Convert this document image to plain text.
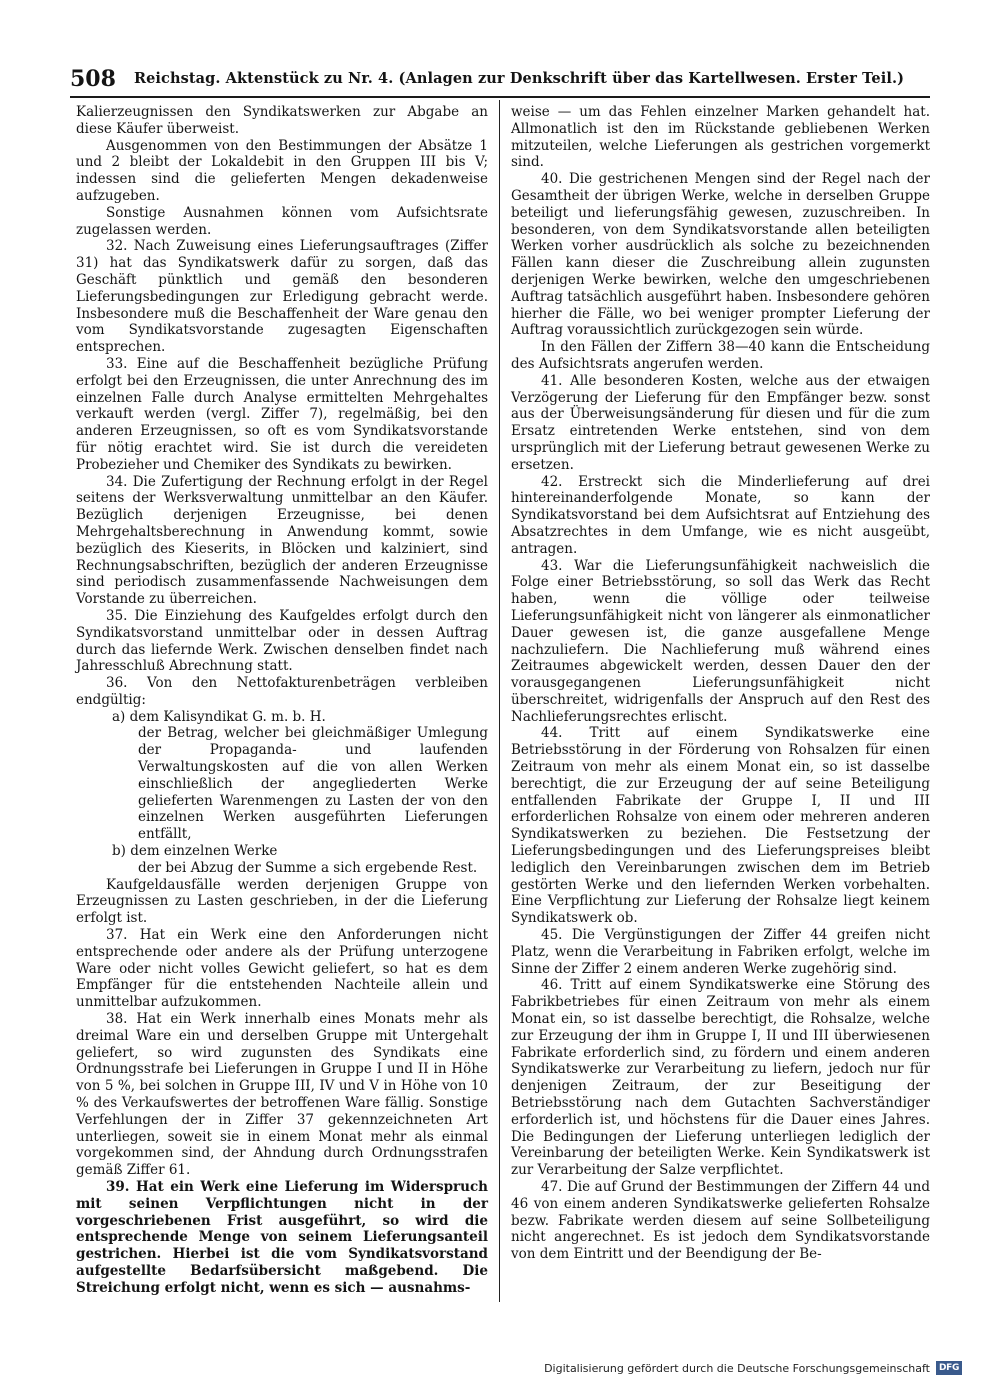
508 Reichstag. Aktenstück zu Nr. 4. (Anlagen zur Denkschrift über das Kartellwesen. Erster Teil.)

Kalierzeugnissen den Syndikatswerken zur Abgabe an diese Käufer überweist.

Ausgenommen von den Bestimmungen der Absätze 1 und 2 bleibt der Lokaldebit in den Gruppen III bis V; indessen sind die gelieferten Mengen dekadenweise aufzugeben.

Sonstige Ausnahmen können vom Aufsichtsrate zugelassen werden.

32. Nach Zuweisung eines Lieferungsauftrages (Ziffer 31) hat das Syndikatswerk dafür zu sorgen, daß das Geschäft pünktlich und gemäß den besonderen Lieferungsbedingungen zur Erledigung gebracht werde. Insbesondere muß die Beschaffenheit der Ware genau den vom Syndikatsvorstande zugesagten Eigenschaften entsprechen.

33. Eine auf die Beschaffenheit bezügliche Prüfung erfolgt bei den Erzeugnissen, die unter Anrechnung des im einzelnen Falle durch Analyse ermittelten Mehrgehaltes verkauft werden (vergl. Ziffer 7), regelmäßig, bei den anderen Erzeugnissen, so oft es vom Syndikatsvorstande für nötig erachtet wird. Sie ist durch die vereideten Probezieher und Chemiker des Syndikats zu bewirken.

34. Die Zufertigung der Rechnung erfolgt in der Regel seitens der Werksverwaltung unmittelbar an den Käufer. Bezüglich derjenigen Erzeugnisse, bei denen Mehrgehaltsberechnung in Anwendung kommt, sowie bezüglich des Kieserits, in Blöcken und kalziniert, sind Rechnungsabschriften, bezüglich der anderen Erzeugnisse sind periodisch zusammenfassende Nachweisungen dem Vorstande zu überreichen.

35. Die Einziehung des Kaufgeldes erfolgt durch den Syndikatsvorstand unmittelbar oder in dessen Auftrag durch das liefernde Werk. Zwischen denselben findet nach Jahresschluß Abrechnung statt.

36. Von den Nettofakturenbeträgen verbleiben endgültig:

a) dem Kalisyndikat G. m. b. H.

der Betrag, welcher bei gleichmäßiger Umlegung der Propaganda- und laufenden Verwaltungskosten auf die von allen Werken einschließlich der angegliederten Werke gelieferten Warenmengen zu Lasten der von den einzelnen Werken ausgeführten Lieferungen entfällt,

b) dem einzelnen Werke

der bei Abzug der Summe a sich ergebende Rest.

Kaufgeldausfälle werden derjenigen Gruppe von Erzeugnissen zu Lasten geschrieben, in der die Lieferung erfolgt ist.

37. Hat ein Werk eine den Anforderungen nicht entsprechende oder andere als der Prüfung unterzogene Ware oder nicht volles Gewicht geliefert, so hat es dem Empfänger für die entstehenden Nachteile allein und unmittelbar aufzukommen.

38. Hat ein Werk innerhalb eines Monats mehr als dreimal Ware ein und derselben Gruppe mit Untergehalt geliefert, so wird zugunsten des Syndikats eine Ordnungsstrafe bei Lieferungen in Gruppe I und II in Höhe von 5 %, bei solchen in Gruppe III, IV und V in Höhe von 10 % des Verkaufswertes der betroffenen Ware fällig. Sonstige Verfehlungen der in Ziffer 37 gekennzeichneten Art unterliegen, soweit sie in einem Monat mehr als einmal vorgekommen sind, der Ahndung durch Ordnungsstrafen gemäß Ziffer 61.

39. Hat ein Werk eine Lieferung im Widerspruch mit seinen Verpflichtungen nicht in der vorgeschriebenen Frist ausgeführt, so wird die entsprechende Menge von seinem Lieferungsanteil gestrichen. Hierbei ist die vom Syndikatsvorstand aufgestellte Bedarfsübersicht maßgebend. Die Streichung erfolgt nicht, wenn es sich — ausnahms-

weise — um das Fehlen einzelner Marken gehandelt hat. Allmonatlich ist den im Rückstande gebliebenen Werken mitzuteilen, welche Lieferungen als gestrichen vorgemerkt sind.

40. Die gestrichenen Mengen sind der Regel nach der Gesamtheit der übrigen Werke, welche in derselben Gruppe beteiligt und lieferungsfähig gewesen, zuzuschreiben. In besonderen, von dem Syndikatsvorstande allen beteiligten Werken vorher ausdrücklich als solche zu bezeichnenden Fällen kann dieser die Zuschreibung allein zugunsten derjenigen Werke bewirken, welche den umgeschriebenen Auftrag tatsächlich ausgeführt haben. Insbesondere gehören hierher die Fälle, wo bei weniger prompter Lieferung der Auftrag voraussichtlich zurückgezogen sein würde.

In den Fällen der Ziffern 38—40 kann die Entscheidung des Aufsichtsrats angerufen werden.

41. Alle besonderen Kosten, welche aus der etwaigen Verzögerung der Lieferung für den Empfänger bezw. sonst aus der Überweisungsänderung für diesen und für die zum Ersatz eintretenden Werke entstehen, sind von dem ursprünglich mit der Lieferung betraut gewesenen Werke zu ersetzen.

42. Erstreckt sich die Minderlieferung auf drei hintereinanderfolgende Monate, so kann der Syndikatsvorstand bei dem Aufsichtsrat auf Entziehung des Absatzrechtes in dem Umfange, wie es nicht ausgeübt, antragen.

43. War die Lieferungsunfähigkeit nachweislich die Folge einer Betriebsstörung, so soll das Werk das Recht haben, wenn die völlige oder teilweise Lieferungsunfähigkeit nicht von längerer als einmonatlicher Dauer gewesen ist, die ganze ausgefallene Menge nachzuliefern. Die Nachlieferung muß während eines Zeitraumes abgewickelt werden, dessen Dauer den der vorausgegangenen Lieferungsunfähigkeit nicht überschreitet, widrigenfalls der Anspruch auf den Rest des Nachlieferungsrechtes erlischt.

44. Tritt auf einem Syndikatswerke eine Betriebsstörung in der Förderung von Rohsalzen für einen Zeitraum von mehr als einem Monat ein, so ist dasselbe berechtigt, die zur Erzeugung der auf seine Beteiligung entfallenden Fabrikate der Gruppe I, II und III erforderlichen Rohsalze von einem oder mehreren anderen Syndikatswerken zu beziehen. Die Festsetzung der Lieferungsbedingungen und des Lieferungspreises bleibt lediglich den Vereinbarungen zwischen dem im Betrieb gestörten Werke und den liefernden Werken vorbehalten. Eine Verpflichtung zur Lieferung der Rohsalze liegt keinem Syndikatswerk ob.

45. Die Vergünstigungen der Ziffer 44 greifen nicht Platz, wenn die Verarbeitung in Fabriken erfolgt, welche im Sinne der Ziffer 2 einem anderen Werke zugehörig sind.

46. Tritt auf einem Syndikatswerke eine Störung des Fabrikbetriebes für einen Zeitraum von mehr als einem Monat ein, so ist dasselbe berechtigt, die Rohsalze, welche zur Erzeugung der ihm in Gruppe I, II und III überwiesenen Fabrikate erforderlich sind, zu fördern und einem anderen Syndikatswerke zur Verarbeitung zu liefern, jedoch nur für denjenigen Zeitraum, der zur Beseitigung der Betriebsstörung nach dem Gutachten Sachverständiger erforderlich ist, und höchstens für die Dauer eines Jahres. Die Bedingungen der Lieferung unterliegen lediglich der Vereinbarung der beteiligten Werke. Kein Syndikatswerk ist zur Verarbeitung der Salze verpflichtet.

47. Die auf Grund der Bestimmungen der Ziffern 44 und 46 von einem anderen Syndikatswerke gelieferten Rohsalze bezw. Fabrikate werden diesem auf seine Sollbeteiligung nicht angerechnet. Es ist jedoch dem Syndikatsvorstande von dem Eintritt und der Beendigung der Be-

Digitalisierung gefördert durch die Deutsche Forschungsgemeinschaft DFG
